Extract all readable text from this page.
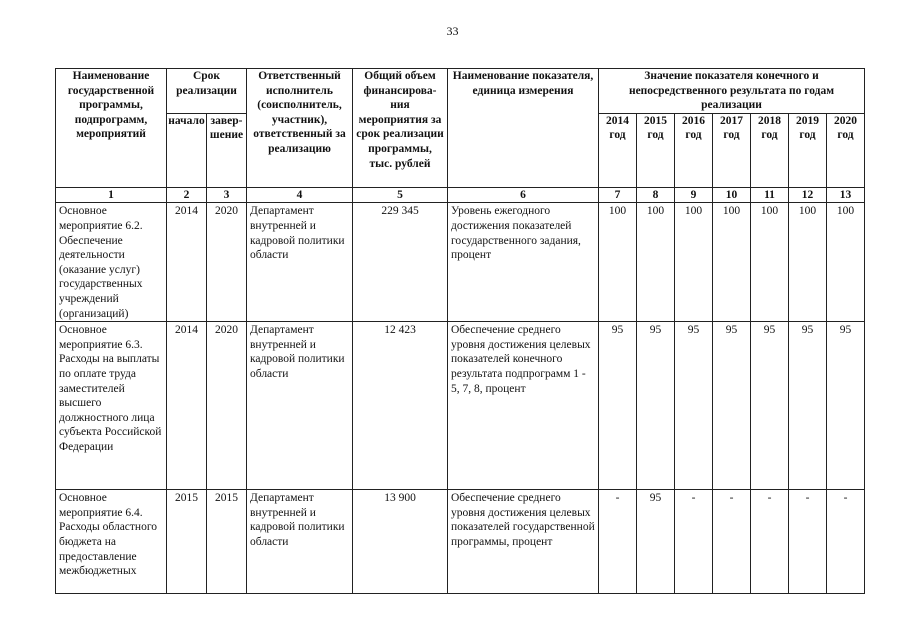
33
Наименование государственной программы, подпрограмм, мероприятий	Срок реализации		Ответственный исполнитель (соисполнитель, участник), ответственный за реализацию	Общий объем финансирова-ния мероприятия за срок реализации программы, тыс. рублей	Наименование показателя, единица измерения	Значение показателя конечного и непосредственного результата по годам реализации						
	начало	завер-шение				2014 год	2015 год	2016 год	2017 год	2018 год	2019 год	2020 год
1	2	3	4	5	6	7	8	9	10	11	12	13
Основное мероприятие 6.2. Обеспечение деятельности (оказание услуг) государственных учреждений (организаций)	2014	2020	Департамент внутренней и кадровой политики области	229 345	Уровень ежегодного достижения показателей государственного задания, процент	100	100	100	100	100	100	100
Основное мероприятие 6.3. Расходы на выплаты по оплате труда заместителей высшего должностного лица субъекта Российской Федерации	2014	2020	Департамент внутренней и кадровой политики области	12 423	Обеспечение среднего уровня достижения целевых показателей конечного результата подпрограмм 1 - 5, 7, 8, процент	95	95	95	95	95	95	95
Основное мероприятие 6.4. Расходы областного бюджета на предоставление межбюджетных	2015	2015	Департамент внутренней и кадровой политики области	13 900	Обеспечение среднего уровня достижения целевых показателей государственной программы, процент	-	95	-	-	-	-	-
